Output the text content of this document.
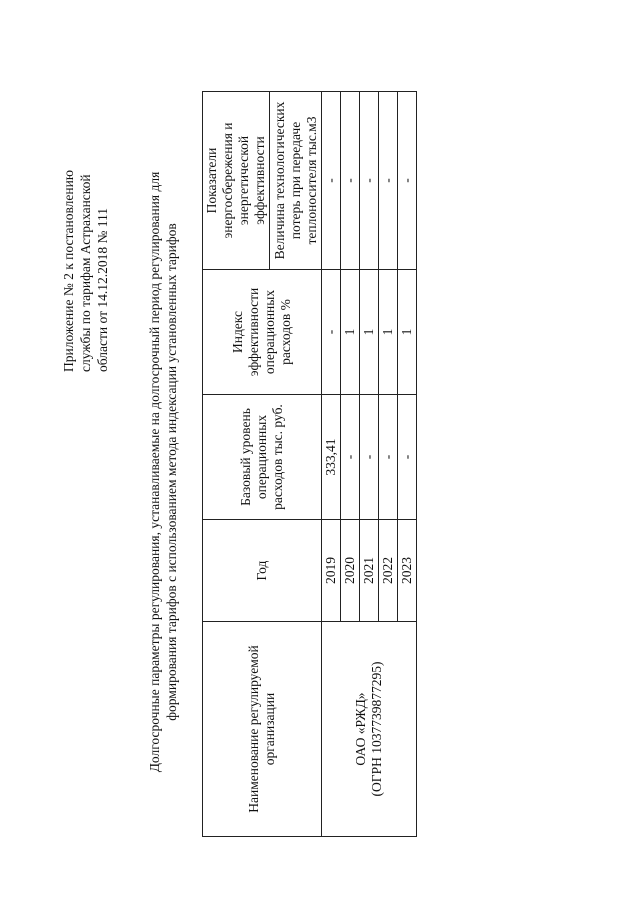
Приложение № 2 к постановлению службы по тарифам Астраханской области от 14.12.2018 № 111	Долгосрочные параметры регулирования, устанавливаемые на долгосрочный период регулирования для формирования тарифов с использованием метода индексации установленных тарифов
Наименование регулируемой организации	Год	Базовый уровень операционных расходов тыс. руб.	Индекс эффективности операционных расходов %	Показатели энергосбережения и энергетической эффективности
				Величина технологических потерь при передаче теплоносителя тыс.м3

ОАО «РЖД» (ОГРН 1037739877295)	2019	333,41	-	-
	2020	-	1	-
	2021	-	1	-
	2022	-	1	-
	2023	-	1	-
